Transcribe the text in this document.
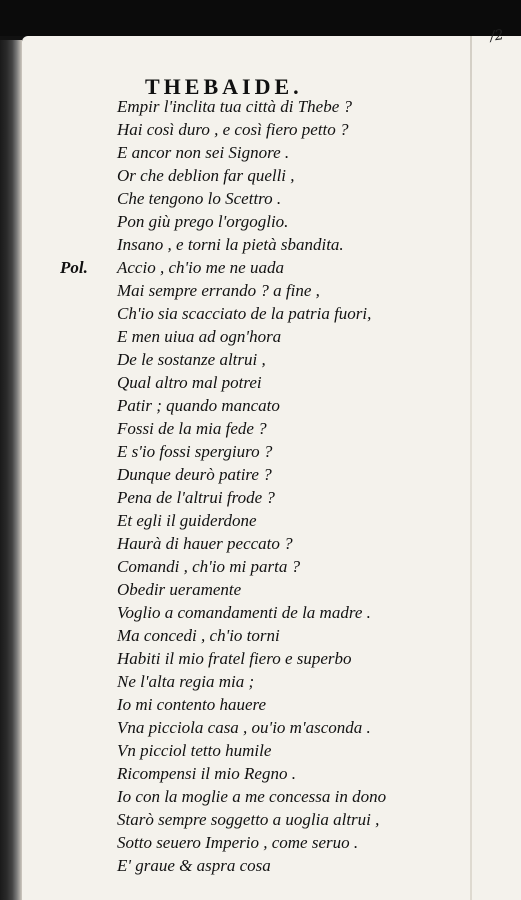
/2
THEBAIDE.
Empir l'inclita tua città di Thebe ?
Hai così duro , e così fiero petto ?
E ancor non sei Signore .
Or che deblion far quelli ,
Che tengono lo Scettro .
Pon giù prego l'orgoglio.
Insano , e torni la pietà sbandita.
Pol. Accio , ch'io me ne uada
Mai sempre errando ? a fine ,
Ch'io sia scacciato de la patria fuori,
E men uiua ad ogn'hora
De le sostanze altrui ,
Qual altro mal potrei
Patir ; quando mancato
Fossi de la mia fede ?
E s'io fossi spergiuro ?
Dunque deurò patire ?
Pena de l'altrui frode ?
Et egli il guiderdone
Haurà di hauer peccato ?
Comandi , ch'io mi parta ?
Obedir ueramente
Voglio a comandamenti de la madre .
Ma concedi , ch'io torni
Habiti il mio fratel fiero e superbo
Ne l'alta regia mia ;
Io mi contento hauere
Vna picciola casa , ou'io m'asconda .
Vn picciol tetto humile
Ricompensi il mio Regno .
Io con la moglie a me concessa in dono
Starò sempre soggetto a uoglia altrui ,
Sotto seuero Imperio , come seruo .
E' graue & aspra cosa
